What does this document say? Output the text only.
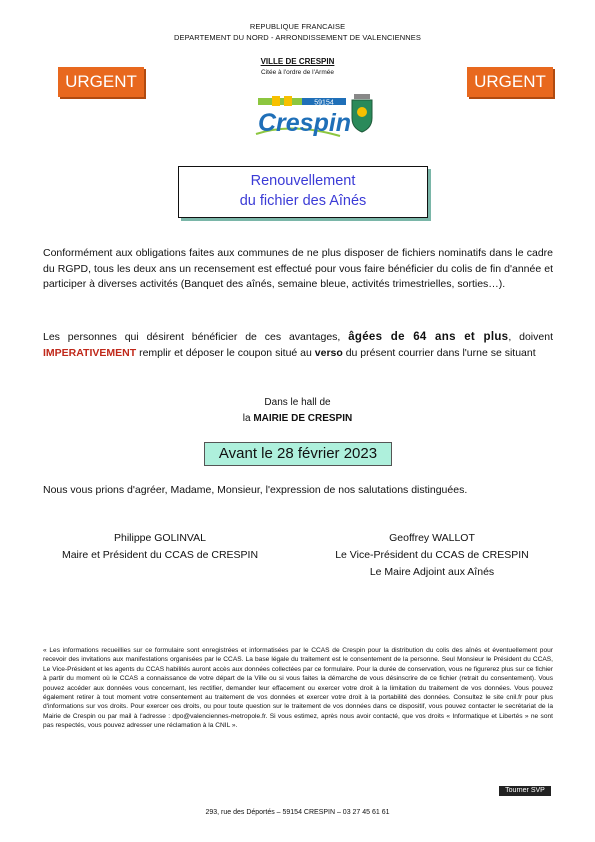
REPUBLIQUE FRANCAISE
DEPARTEMENT DU NORD - ARRONDISSEMENT DE VALENCIENNES
URGENT	URGENT
VILLE DE CRESPIN
Citée à l'ordre de l'Armée
59154
Crespin
Renouvellement
du fichier des Aînés
Conformément aux obligations faites aux communes de ne plus disposer de fichiers nominatifs dans le cadre du RGPD, tous les deux ans un recensement est effectué pour vous faire bénéficier du colis de fin d'année et participer à diverses activités (Banquet des aînés, semaine bleue, activités trimestrielles, sorties…).
Les personnes qui désirent bénéficier de ces avantages, âgées de 64 ans et plus, doivent IMPERATIVEMENT remplir et déposer le coupon situé au verso du présent courrier dans l'urne se situant
Dans le hall de
la MAIRIE DE CRESPIN
Avant le 28 février 2023
Nous vous prions d'agréer, Madame, Monsieur, l'expression de nos salutations distinguées.
Philippe GOLINVAL
Maire et Président du CCAS de CRESPIN
Geoffrey WALLOT
Le Vice-Président du CCAS de CRESPIN
Le Maire Adjoint aux Aînés
« Les informations recueillies sur ce formulaire sont enregistrées et informatisées par le CCAS de Crespin pour la distribution du colis des aînés et éventuellement pour recevoir des invitations aux manifestations organisées par le CCAS. La base légale du traitement est le consentement de la personne. Seul Monsieur le Président du CCAS, Le Vice-Président et les agents du CCAS habilités auront accès aux données collectées par ce formulaire. Pour la durée de conservation, vous ne figurerez plus sur ce fichier à partir du moment où le CCAS a connaissance de votre départ de la Ville ou si vous faites la démarche de vous désinscrire de ce fichier (retrait du consentement). Vous pouvez accéder aux données vous concernant, les rectifier, demander leur effacement ou exercer votre droit à la limitation du traitement de vos données. Vous pouvez également retirer à tout moment votre consentement au traitement de vos données et exercer votre droit à la portabilité des données. Consultez le site cnil.fr pour plus d'informations sur vos droits. Pour exercer ces droits, ou pour toute question sur le traitement de vos données dans ce dispositif, vous pouvez contacter le secrétariat de la Mairie de Crespin ou par mail à l'adresse : dpo@valenciennes-metropole.fr. Si vous estimez, après nous avoir contacté, que vos droits « Informatique et Libertés » ne sont pas respectés, vous pouvez adresser une réclamation à la CNIL ».
Tourner SVP
293, rue des Déportés – 59154 CRESPIN – 03 27 45 61 61
